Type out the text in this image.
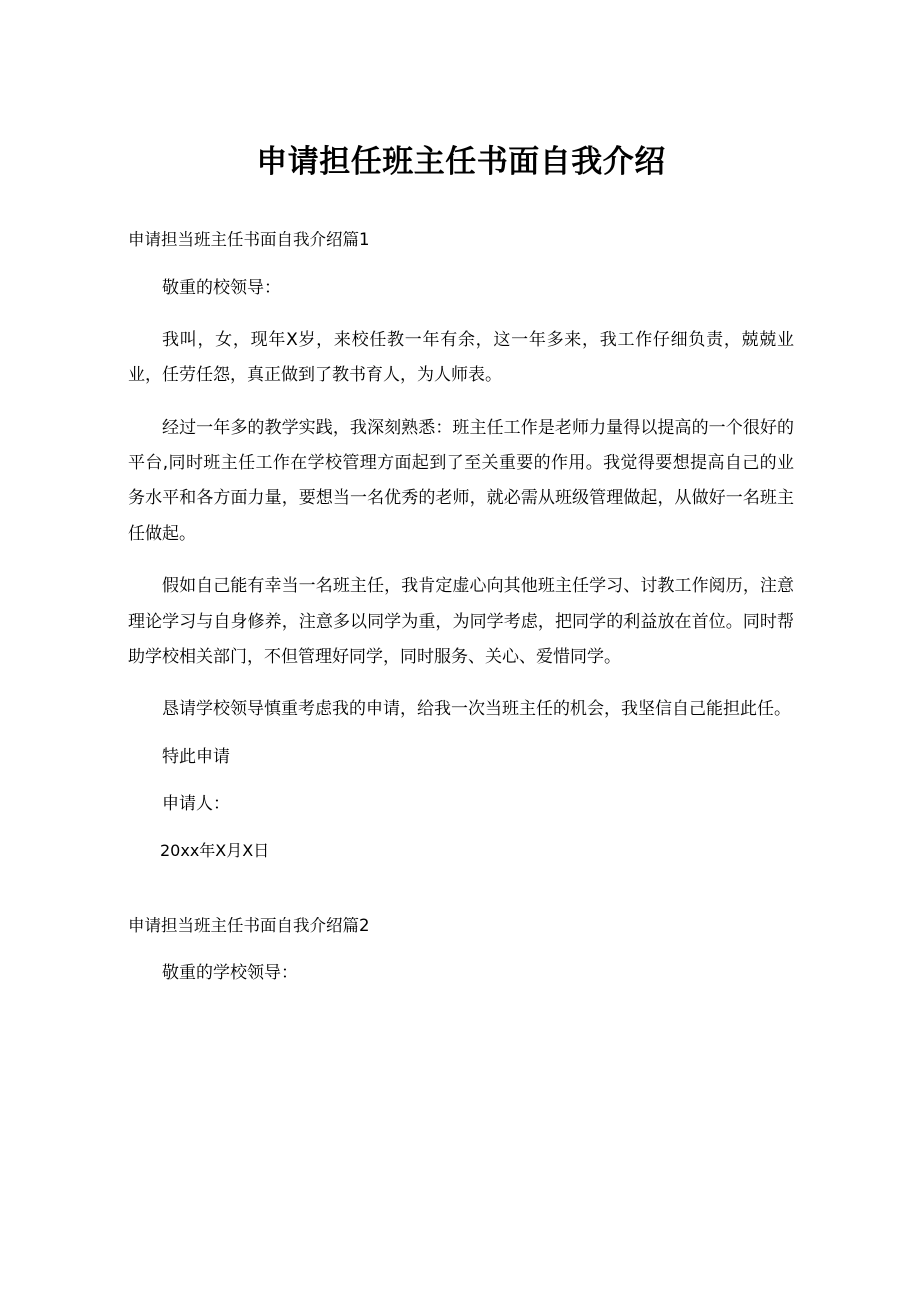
申请担任班主任书面自我介绍

申请担当班主任书面自我介绍篇1

敬重的校领导：

我叫，女，现年X岁，来校任教一年有余，这一年多来，我工作仔细负责，兢兢业业，任劳任怨，真正做到了教书育人，为人师表。

经过一年多的教学实践，我深刻熟悉：班主任工作是老师力量得以提高的一个很好的平台,同时班主任工作在学校管理方面起到了至关重要的作用。我觉得要想提高自己的业务水平和各方面力量，要想当一名优秀的老师，就必需从班级管理做起，从做好一名班主任做起。

假如自己能有幸当一名班主任，我肯定虚心向其他班主任学习、讨教工作阅历，注意理论学习与自身修养，注意多以同学为重，为同学考虑，把同学的利益放在首位。同时帮助学校相关部门，不但管理好同学，同时服务、关心、爱惜同学。

恳请学校领导慎重考虑我的申请，给我一次当班主任的机会，我坚信自己能担此任。

特此申请

申请人：

20xx年X月X日

申请担当班主任书面自我介绍篇2

敬重的学校领导：
